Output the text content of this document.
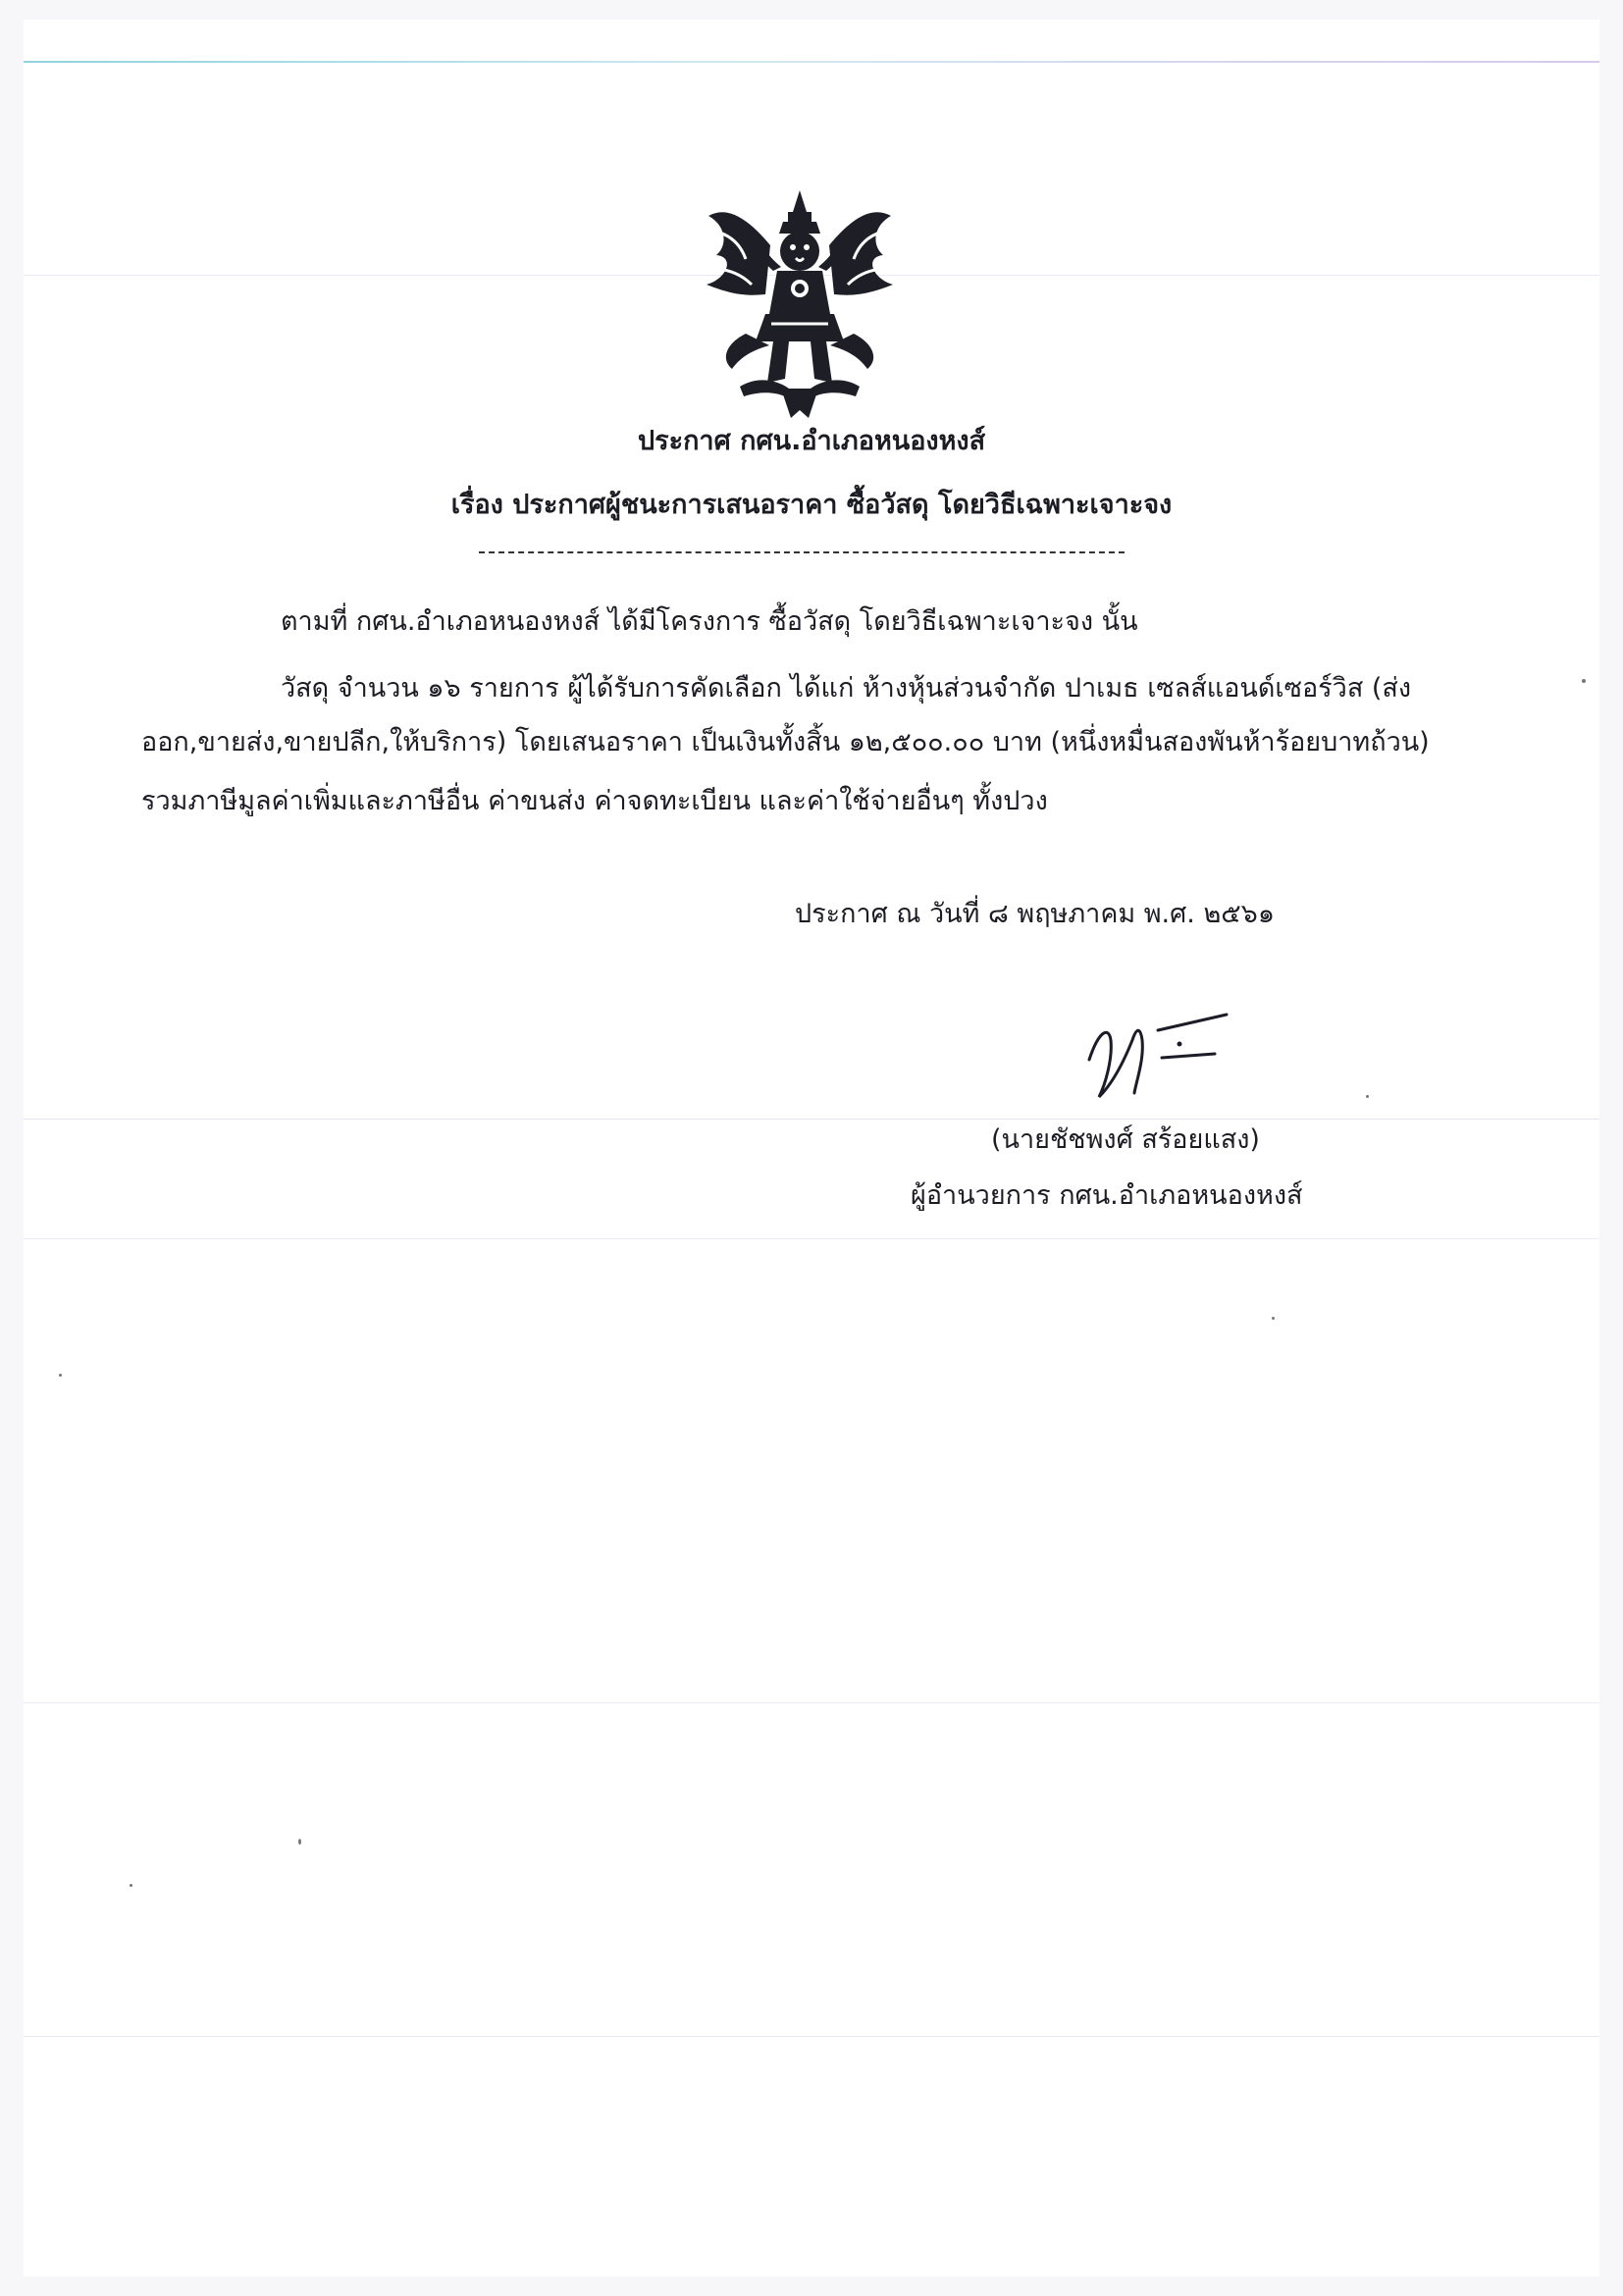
ประกาศ กศน.อำเภอหนองหงส์
เรื่อง ประกาศผู้ชนะการเสนอราคา ซื้อวัสดุ โดยวิธีเฉพาะเจาะจง
ตามที่ กศน.อำเภอหนองหงส์ ได้มีโครงการ ซื้อวัสดุ โดยวิธีเฉพาะเจาะจง นั้น
วัสดุ จำนวน ๑๖ รายการ ผู้ได้รับการคัดเลือก ได้แก่ ห้างหุ้นส่วนจำกัด ปาเมธ เซลส์แอนด์เซอร์วิส (ส่ง
ออก,ขายส่ง,ขายปลีก,ให้บริการ) โดยเสนอราคา เป็นเงินทั้งสิ้น ๑๒,๕๐๐.๐๐ บาท (หนึ่งหมื่นสองพันห้าร้อยบาทถ้วน)
รวมภาษีมูลค่าเพิ่มและภาษีอื่น ค่าขนส่ง ค่าจดทะเบียน และค่าใช้จ่ายอื่นๆ ทั้งปวง
ประกาศ ณ วันที่ ๘ พฤษภาคม พ.ศ. ๒๕๖๑
(นายชัชพงศ์ สร้อยแสง)
ผู้อำนวยการ กศน.อำเภอหนองหงส์
